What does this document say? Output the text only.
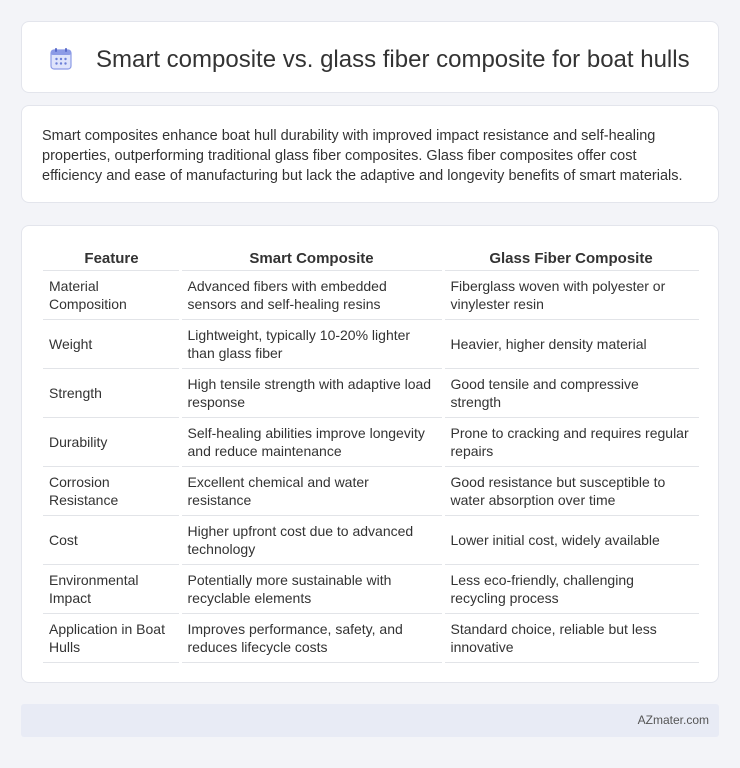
Smart composite vs. glass fiber composite for boat hulls

Smart composites enhance boat hull durability with improved impact resistance and self-healing properties, outperforming traditional glass fiber composites. Glass fiber composites offer cost efficiency and ease of manufacturing but lack the adaptive and longevity benefits of smart materials.

Feature	Smart Composite	Glass Fiber Composite
Material Composition	Advanced fibers with embedded sensors and self-healing resins	Fiberglass woven with polyester or vinylester resin
Weight	Lightweight, typically 10-20% lighter than glass fiber	Heavier, higher density material
Strength	High tensile strength with adaptive load response	Good tensile and compressive strength
Durability	Self-healing abilities improve longevity and reduce maintenance	Prone to cracking and requires regular repairs
Corrosion Resistance	Excellent chemical and water resistance	Good resistance but susceptible to water absorption over time
Cost	Higher upfront cost due to advanced technology	Lower initial cost, widely available
Environmental Impact	Potentially more sustainable with recyclable elements	Less eco-friendly, challenging recycling process
Application in Boat Hulls	Improves performance, safety, and reduces lifecycle costs	Standard choice, reliable but less innovative
AZmater.com
